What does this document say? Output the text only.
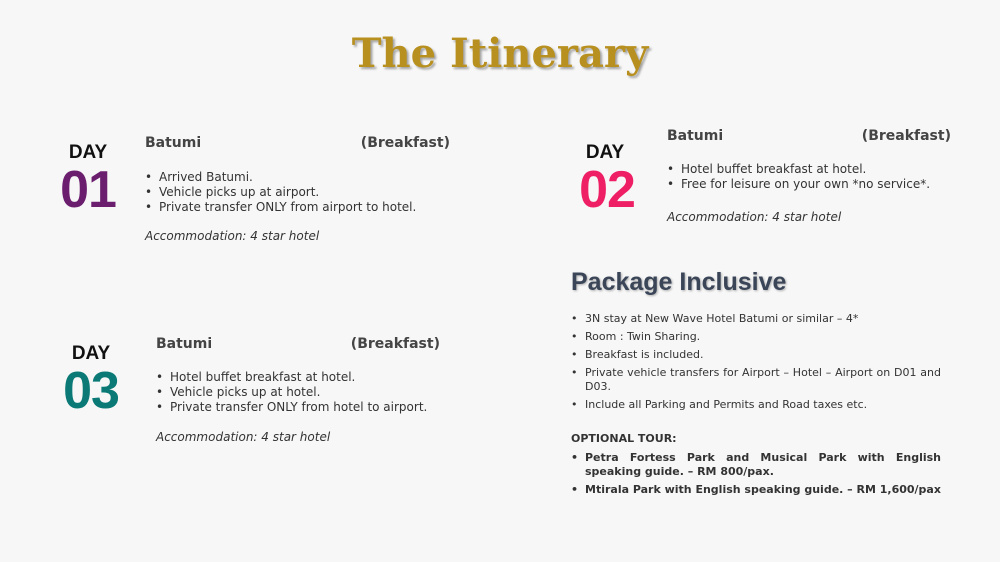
The Itinerary
DAY
01
Batumi	(Breakfast)
• Arrived Batumi.
• Vehicle picks up at airport.
• Private transfer ONLY from airport to hotel.
Accommodation: 4 star hotel
DAY
02
Batumi	(Breakfast)
• Hotel buffet breakfast at hotel.
• Free for leisure on your own *no service*.
Accommodation: 4 star hotel
DAY
03
Batumi	(Breakfast)
• Hotel buffet breakfast at hotel.
• Vehicle picks up at hotel.
• Private transfer ONLY from hotel to airport.
Accommodation: 4 star hotel
Package Inclusive
• 3N stay at New Wave Hotel Batumi or similar – 4*
• Room : Twin Sharing.
• Breakfast is included.
• Private vehicle transfers for Airport – Hotel – Airport on D01 and D03.
• Include all Parking and Permits and Road taxes etc.
OPTIONAL TOUR:
• Petra Fortess Park and Musical Park with English speaking guide. – RM 800/pax.
• Mtirala Park with English speaking guide. – RM 1,600/pax
